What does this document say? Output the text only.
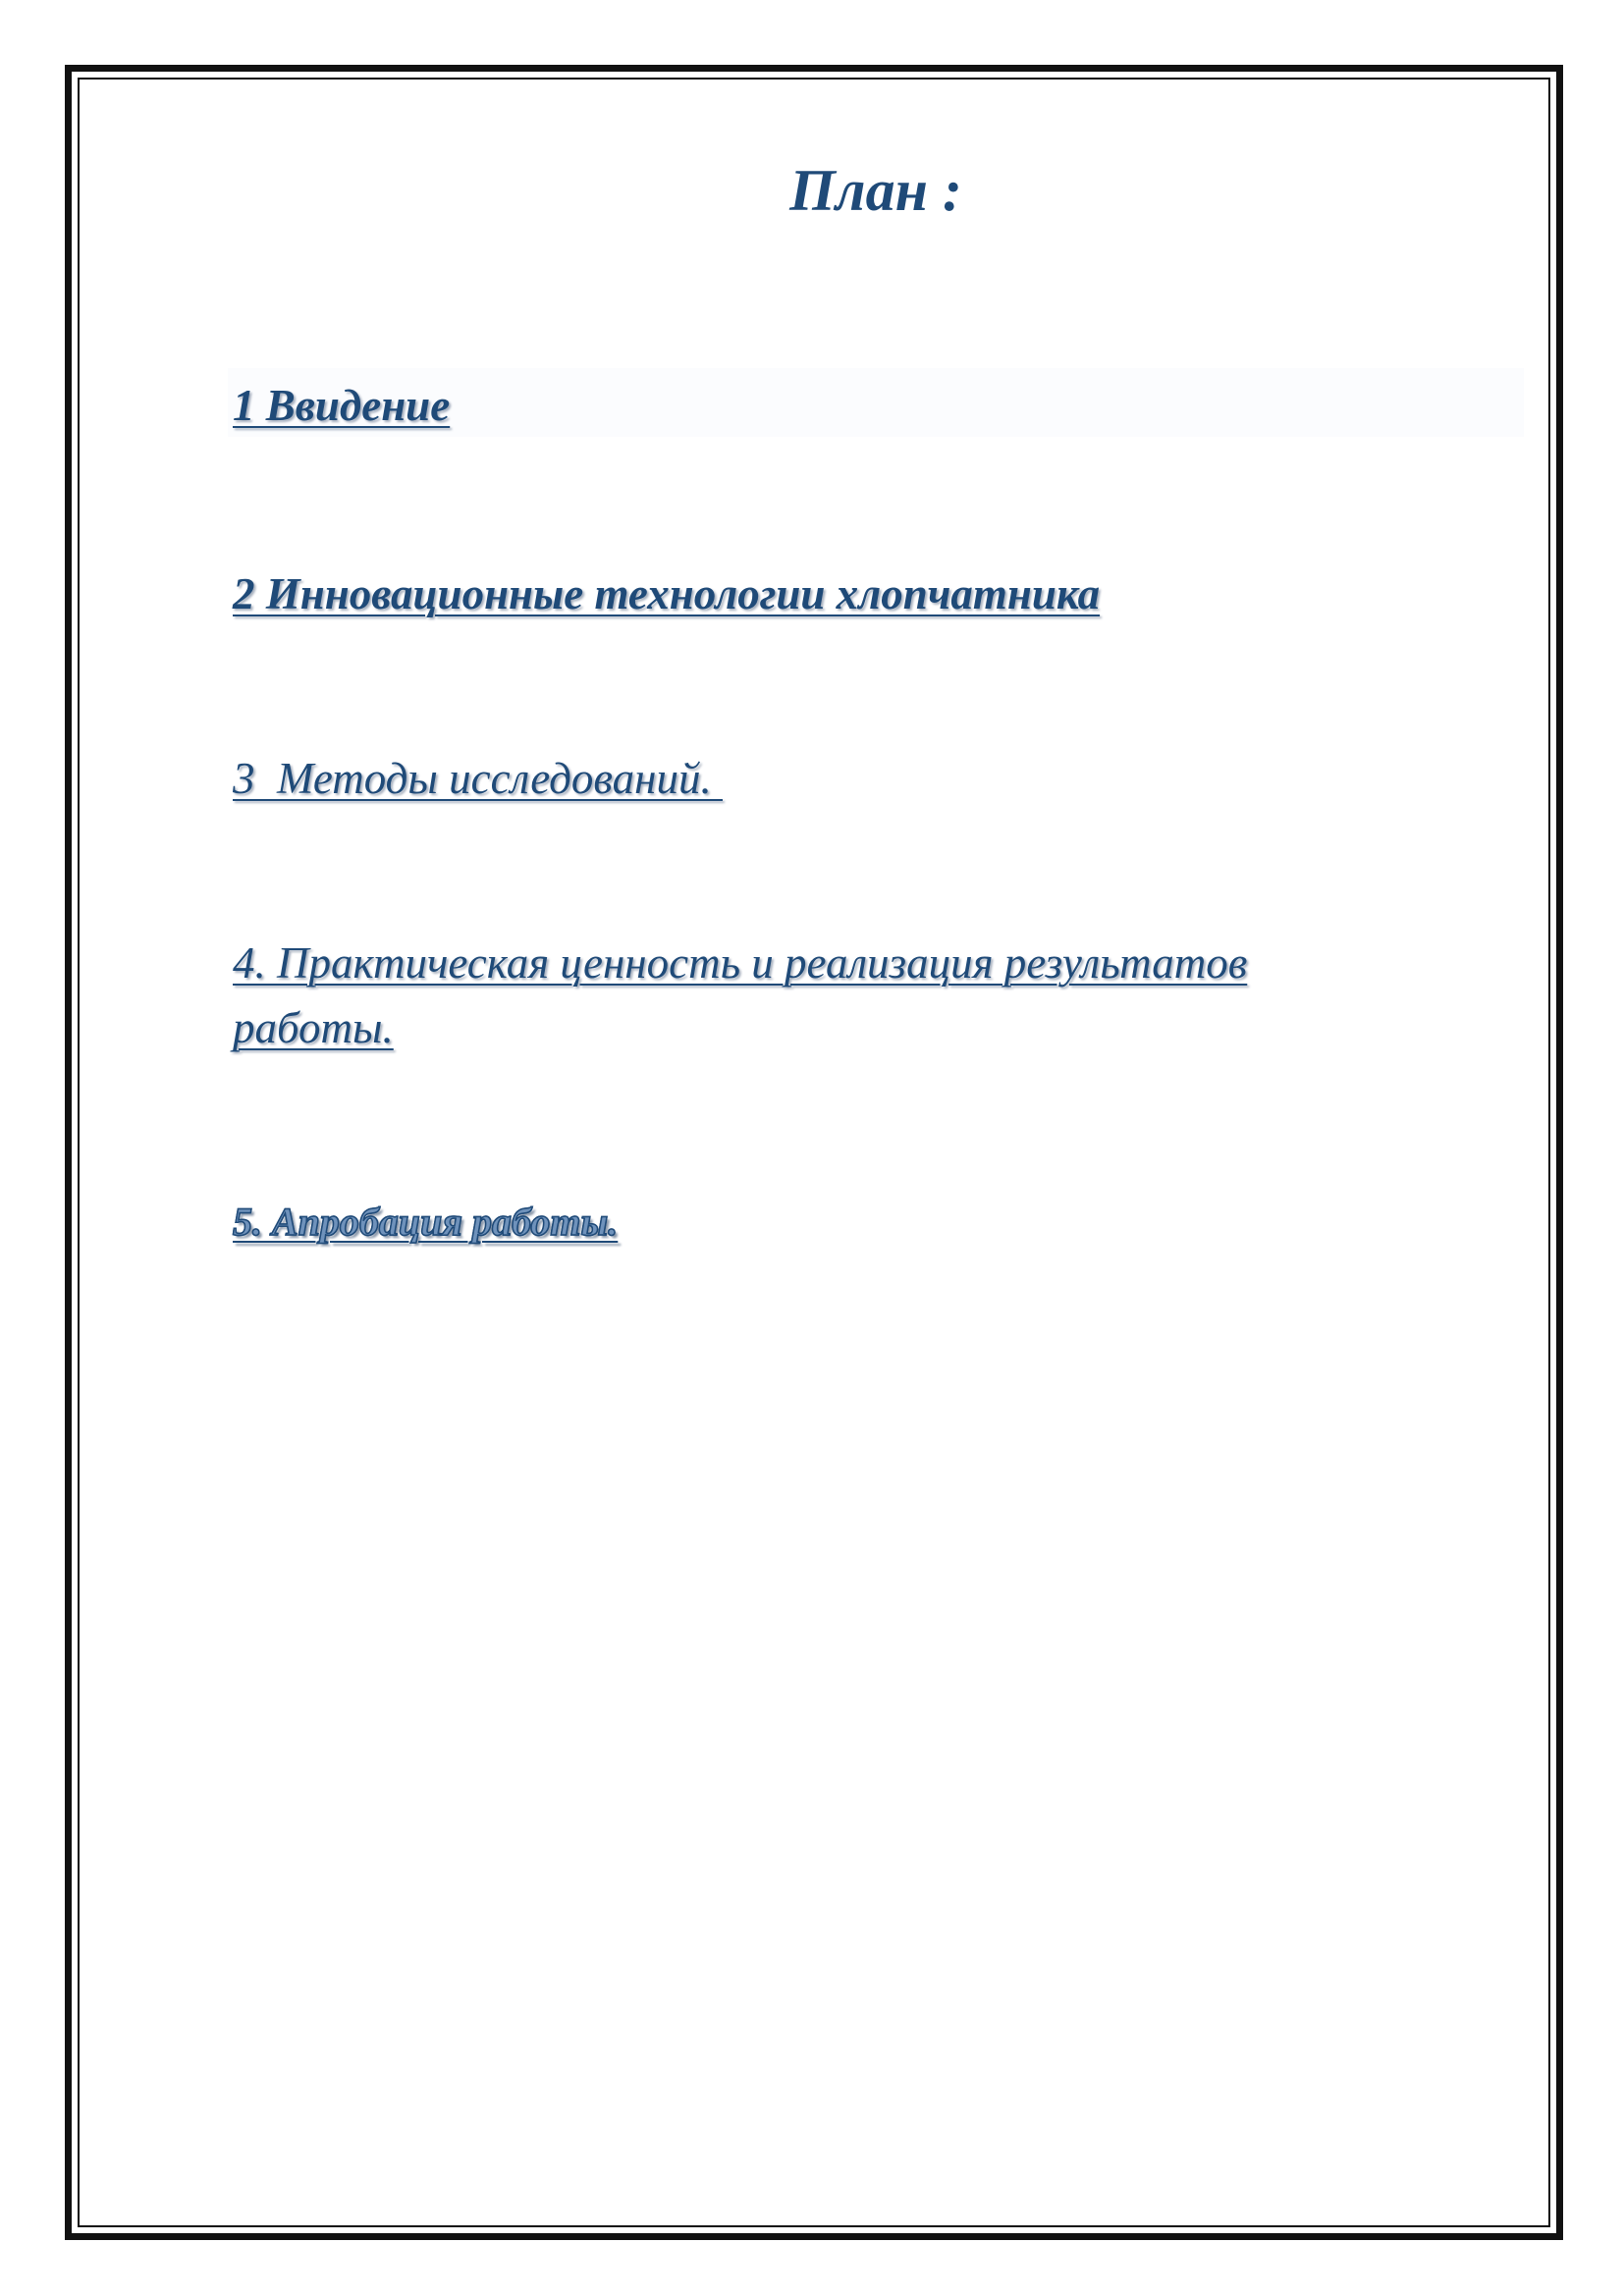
План :
1 Ввидение
2 Инновационные технологии хлопчатника
3  Методы исследований.
4. Практическая ценность и реализация результатов работы.
5. Апробация работы.
